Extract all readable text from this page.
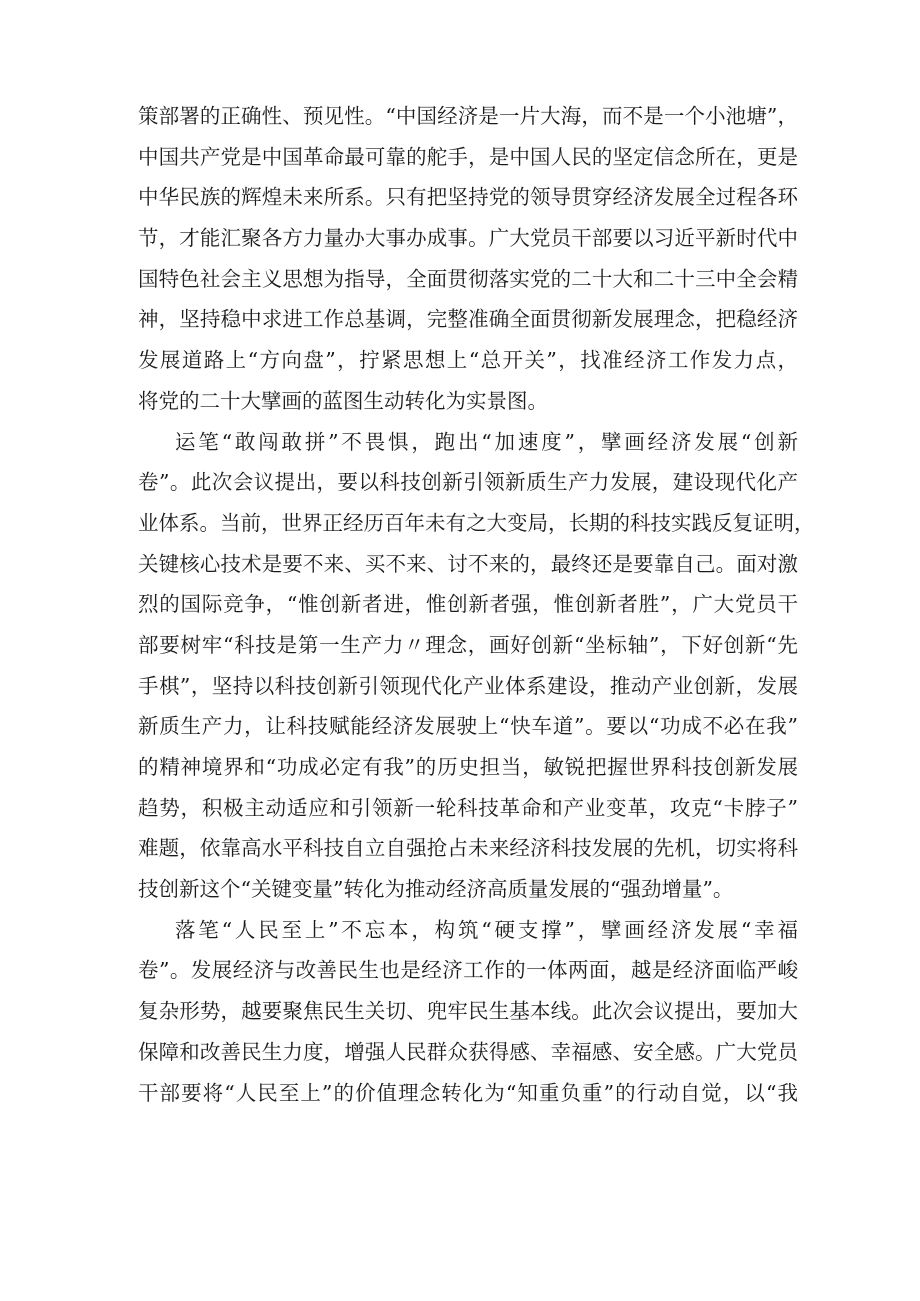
策部署的正确性、预见性。“中国经济是一片大海，而不是一个小池塘”，
中国共产党是中国革命最可靠的舵手，是中国人民的坚定信念所在，更是
中华民族的辉煌未来所系。只有把坚持党的领导贯穿经济发展全过程各环
节，才能汇聚各方力量办大事办成事。广大党员干部要以习近平新时代中
国特色社会主义思想为指导，全面贯彻落实党的二十大和二十三中全会精
神，坚持稳中求进工作总基调，完整准确全面贯彻新发展理念，把稳经济
发展道路上“方向盘”，拧紧思想上“总开关”，找准经济工作发力点，
将党的二十大擘画的蓝图生动转化为实景图。
运笔“敢闯敢拼”不畏惧，跑出“加速度”，擘画经济发展“创新
卷”。此次会议提出，要以科技创新引领新质生产力发展，建设现代化产
业体系。当前，世界正经历百年未有之大变局，长期的科技实践反复证明，
关键核心技术是要不来、买不来、讨不来的，最终还是要靠自己。面对激
烈的国际竞争，“惟创新者进，惟创新者强，惟创新者胜”，广大党员干
部要树牢“科技是第一生产力〃理念，画好创新“坐标轴”，下好创新“先
手棋”，坚持以科技创新引领现代化产业体系建设，推动产业创新，发展
新质生产力，让科技赋能经济发展驶上“快车道”。要以“功成不必在我”
的精神境界和“功成必定有我”的历史担当，敏锐把握世界科技创新发展
趋势，积极主动适应和引领新一轮科技革命和产业变革，攻克“卡脖子”
难题，依靠高水平科技自立自强抢占未来经济科技发展的先机，切实将科
技创新这个“关键变量”转化为推动经济高质量发展的“强劲增量”。
落笔“人民至上”不忘本，构筑“硬支撑”，擘画经济发展“幸福
卷”。发展经济与改善民生也是经济工作的一体两面，越是经济面临严峻
复杂形势，越要聚焦民生关切、兜牢民生基本线。此次会议提出，要加大
保障和改善民生力度，增强人民群众获得感、幸福感、安全感。广大党员
干部要将“人民至上”的价值理念转化为“知重负重”的行动自觉，以“我
